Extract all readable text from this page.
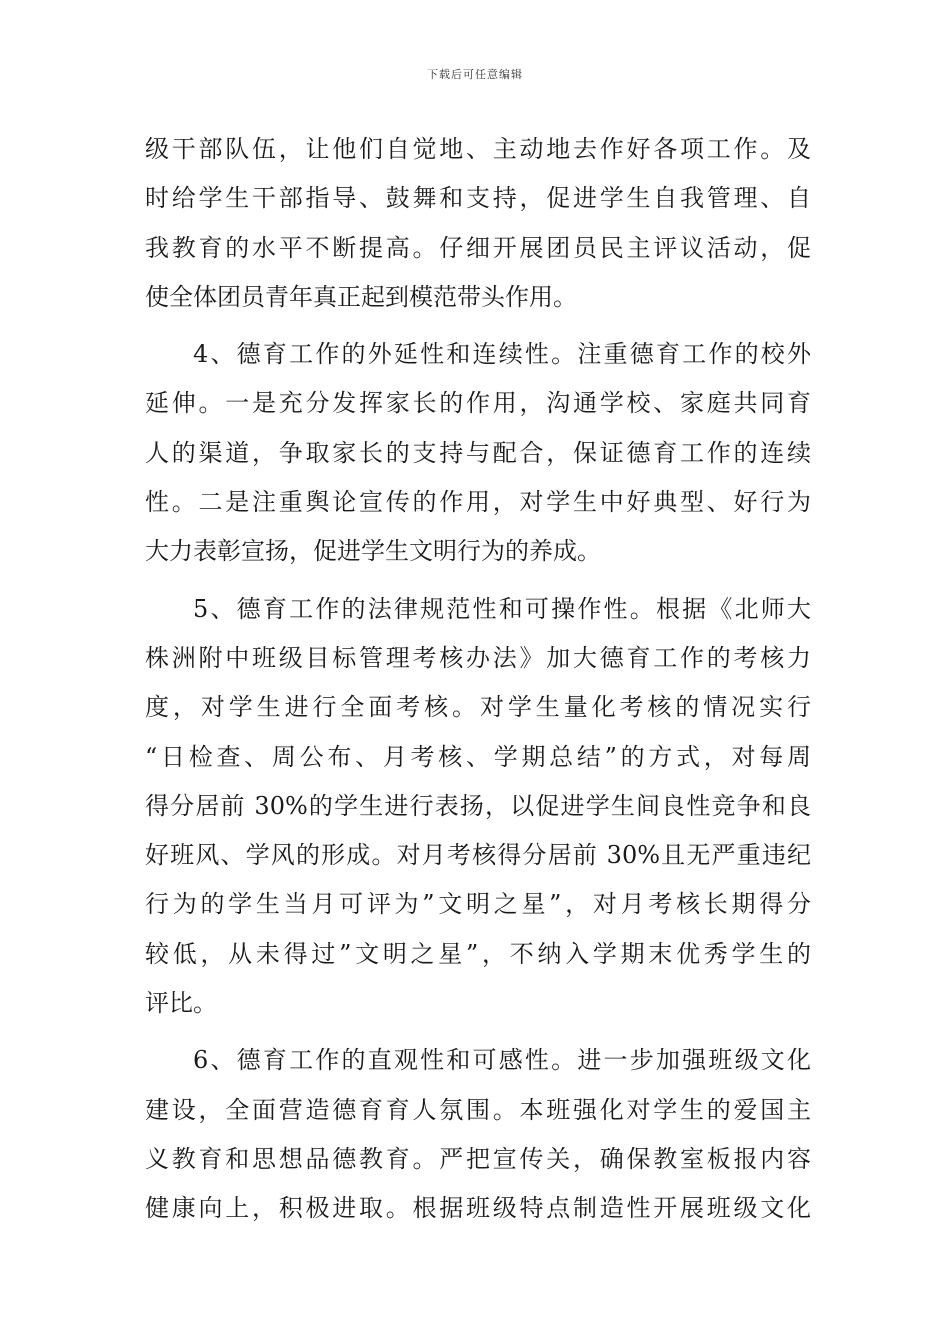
下载后可任意编辑
级干部队伍，让他们自觉地、主动地去作好各项工作。及
时给学生干部指导、鼓舞和支持，促进学生自我管理、自
我教育的水平不断提高。仔细开展团员民主评议活动，促
使全体团员青年真正起到模范带头作用。
4、德育工作的外延性和连续性。注重德育工作的校外
延伸。一是充分发挥家长的作用，沟通学校、家庭共同育
人的渠道，争取家长的支持与配合，保证德育工作的连续
性。二是注重舆论宣传的作用，对学生中好典型、好行为
大力表彰宣扬，促进学生文明行为的养成。
5、德育工作的法律规范性和可操作性。根据《北师大
株洲附中班级目标管理考核办法》加大德育工作的考核力
度，对学生进行全面考核。对学生量化考核的情况实行
“日检查、周公布、月考核、学期总结”的方式，对每周
得分居前 30%的学生进行表扬，以促进学生间良性竞争和良
好班风、学风的形成。对月考核得分居前 30%且无严重违纪
行为的学生当月可评为”文明之星”，对月考核长期得分
较低，从未得过”文明之星”，不纳入学期末优秀学生的
评比。
6、德育工作的直观性和可感性。进一步加强班级文化
建设，全面营造德育育人氛围。本班强化对学生的爱国主
义教育和思想品德教育。严把宣传关，确保教室板报内容
健康向上，积极进取。根据班级特点制造性开展班级文化
